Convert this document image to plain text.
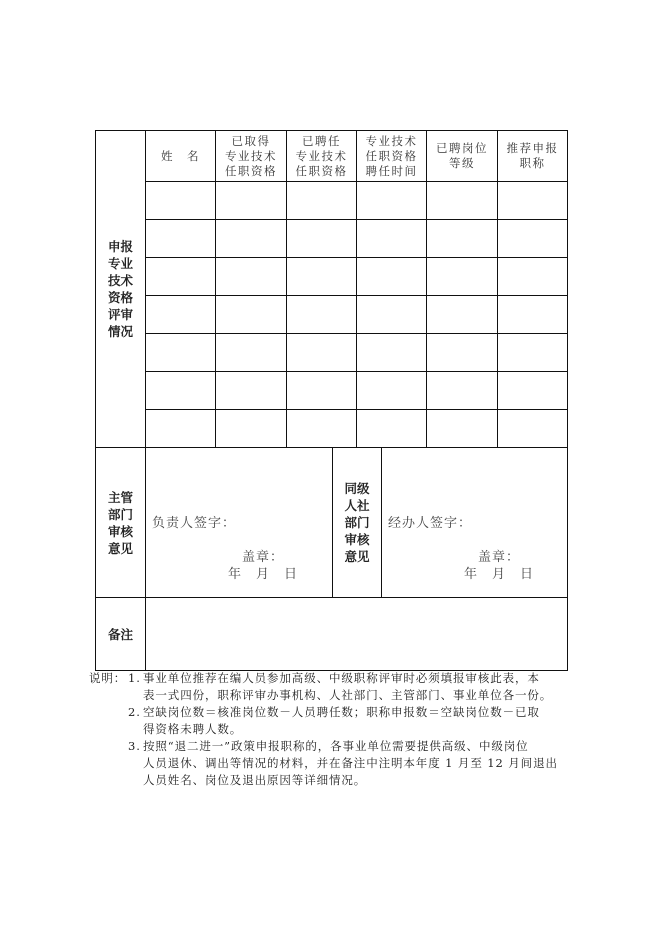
姓　名
已取得
专业技术
任职资格
已聘任
专业技术
任职资格
专业技术
任职资格
聘任时间
已聘岗位
等级
推荐申报
职称
申报
专业
技术
资格
评审
情况
主管
部门
审核
意见
负责人签字：
盖章：
年　月　日
同级
人社
部门
审核
意见
经办人签字：
盖章：
年　月　日
备注
说明： 1. 事业单位推荐在编人员参加高级、中级职称评审时必须填报审核此表，本
表一式四份，职称评审办事机构、人社部门、主管部门、事业单位各一份。
2. 空缺岗位数＝核准岗位数－人员聘任数；职称申报数＝空缺岗位数－已取
得资格未聘人数。
3. 按照“退二进一”政策申报职称的，各事业单位需要提供高级、中级岗位
人员退休、调出等情况的材料，并在备注中注明本年度 1 月至 12 月间退出
人员姓名、岗位及退出原因等详细情况。
